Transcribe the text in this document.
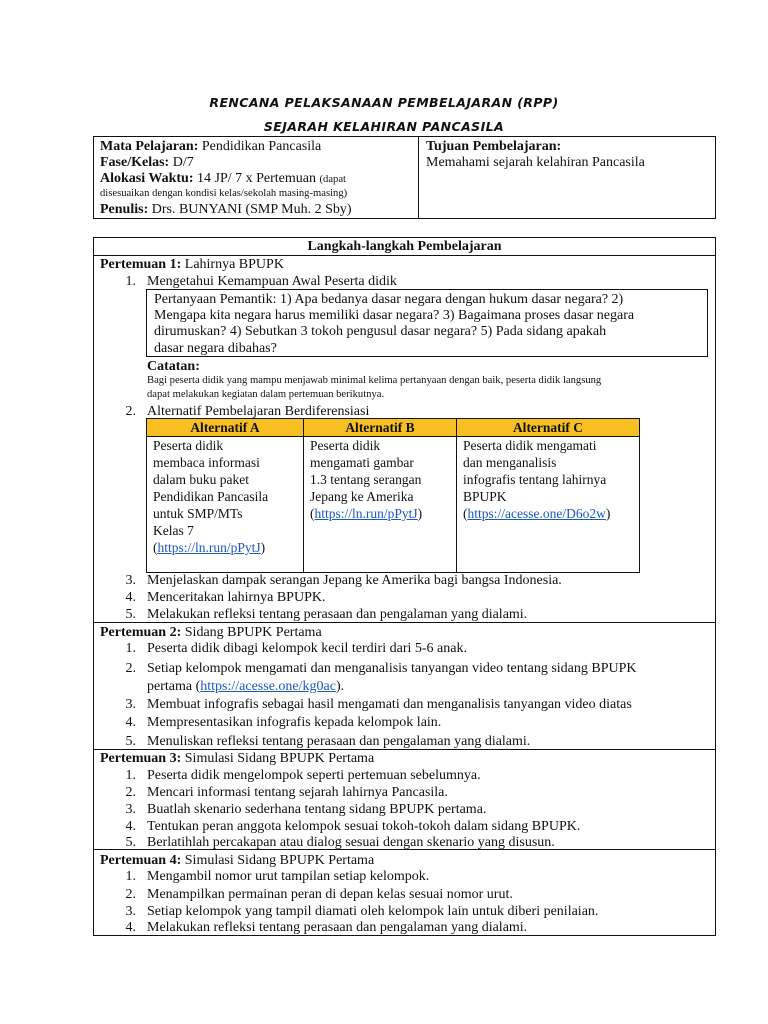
RENCANA PELAKSANAAN PEMBELAJARAN (RPP)
SEJARAH KELAHIRAN PANCASILA
Mata Pelajaran: Pendidikan Pancasila
Fase/Kelas: D/7
Alokasi Waktu: 14 JP/ 7 x Pertemuan (dapat
disesuaikan dengan kondisi kelas/sekolah masing-masing)
Penulis: Drs. BUNYANI (SMP Muh. 2 Sby)
Tujuan Pembelajaran:
Memahami sejarah kelahiran Pancasila
Langkah-langkah Pembelajaran
Pertemuan 1: Lahirnya BPUPK
1. Mengetahui Kemampuan Awal Peserta didik
Pertanyaan Pemantik: 1) Apa bedanya dasar negara dengan hukum dasar negara? 2)
Mengapa kita negara harus memiliki dasar negara? 3) Bagaimana proses dasar negara
dirumuskan? 4) Sebutkan 3 tokoh pengusul dasar negara? 5) Pada sidang apakah
dasar negara dibahas?
Catatan:
Bagi peserta didik yang mampu menjawab minimal kelima pertanyaan dengan baik, peserta didik langsung
dapat melakukan kegiatan dalam pertemuan berikutnya.
2. Alternatif Pembelajaran Berdiferensiasi
Alternatif A	Alternatif B	Alternatif C
Peserta didik
membaca informasi
dalam buku paket
Pendidikan Pancasila
untuk SMP/MTs
Kelas 7
(https://ln.run/pPytJ)
Peserta didik
mengamati gambar
1.3 tentang serangan
Jepang ke Amerika
(https://ln.run/pPytJ)
Peserta didik mengamati
dan menganalisis
infografis tentang lahirnya
BPUPK
(https://acesse.one/D6o2w)
3. Menjelaskan dampak serangan Jepang ke Amerika bagi bangsa Indonesia.
4. Menceritakan lahirnya BPUPK.
5. Melakukan refleksi tentang perasaan dan pengalaman yang dialami.
Pertemuan 2: Sidang BPUPK Pertama
1. Peserta didik dibagi kelompok kecil terdiri dari 5-6 anak.
2. Setiap kelompok mengamati dan menganalisis tanyangan video tentang sidang BPUPK
pertama (https://acesse.one/kg0ac).
3. Membuat infografis sebagai hasil mengamati dan menganalisis tanyangan video diatas
4. Mempresentasikan infografis kepada kelompok lain.
5. Menuliskan refleksi tentang perasaan dan pengalaman yang dialami.
Pertemuan 3: Simulasi Sidang BPUPK Pertama
1. Peserta didik mengelompok seperti pertemuan sebelumnya.
2. Mencari informasi tentang sejarah lahirnya Pancasila.
3. Buatlah skenario sederhana tentang sidang BPUPK pertama.
4. Tentukan peran anggota kelompok sesuai tokoh-tokoh dalam sidang BPUPK.
5. Berlatihlah percakapan atau dialog sesuai dengan skenario yang disusun.
Pertemuan 4: Simulasi Sidang BPUPK Pertama
1. Mengambil nomor urut tampilan setiap kelompok.
2. Menampilkan permainan peran di depan kelas sesuai nomor urut.
3. Setiap kelompok yang tampil diamati oleh kelompok lain untuk diberi penilaian.
4. Melakukan refleksi tentang perasaan dan pengalaman yang dialami.
